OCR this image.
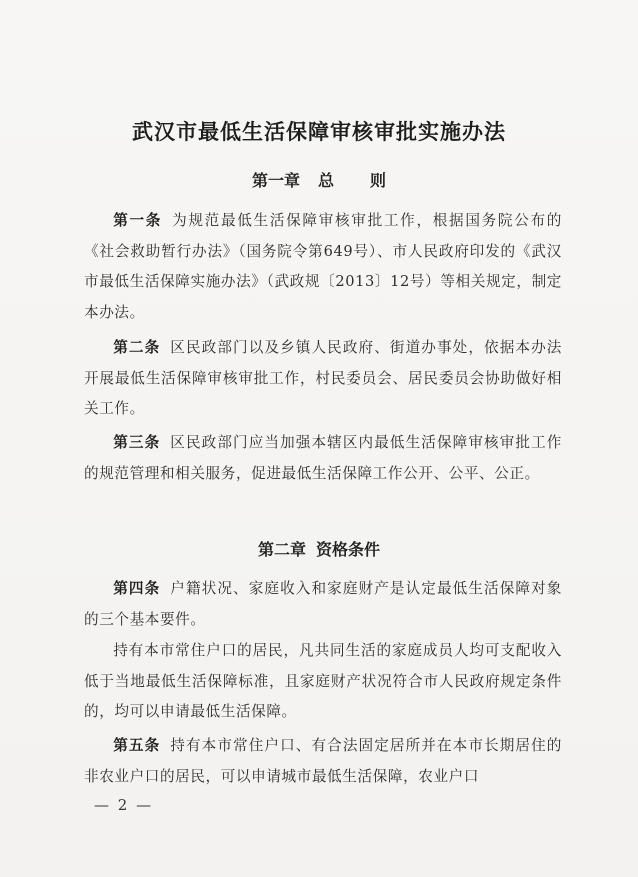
武汉市最低生活保障审核审批实施办法
第一章 总 则
第一条 为规范最低生活保障审核审批工作，根据国务院公布的《社会救助暂行办法》（国务院令第649号）、市人民政府印发的《武汉市最低生活保障实施办法》（武政规〔2013〕12号）等相关规定，制定本办法。
第二条 区民政部门以及乡镇人民政府、街道办事处，依据本办法开展最低生活保障审核审批工作，村民委员会、居民委员会协助做好相关工作。
第三条 区民政部门应当加强本辖区内最低生活保障审核审批工作的规范管理和相关服务，促进最低生活保障工作公开、公平、公正。
第二章 资格条件
第四条 户籍状况、家庭收入和家庭财产是认定最低生活保障对象的三个基本要件。
持有本市常住户口的居民，凡共同生活的家庭成员人均可支配收入低于当地最低生活保障标准，且家庭财产状况符合市人民政府规定条件的，均可以申请最低生活保障。
第五条 持有本市常住户口、有合法固定居所并在本市长期居住的非农业户口的居民，可以申请城市最低生活保障，农业户口
— 2 —
